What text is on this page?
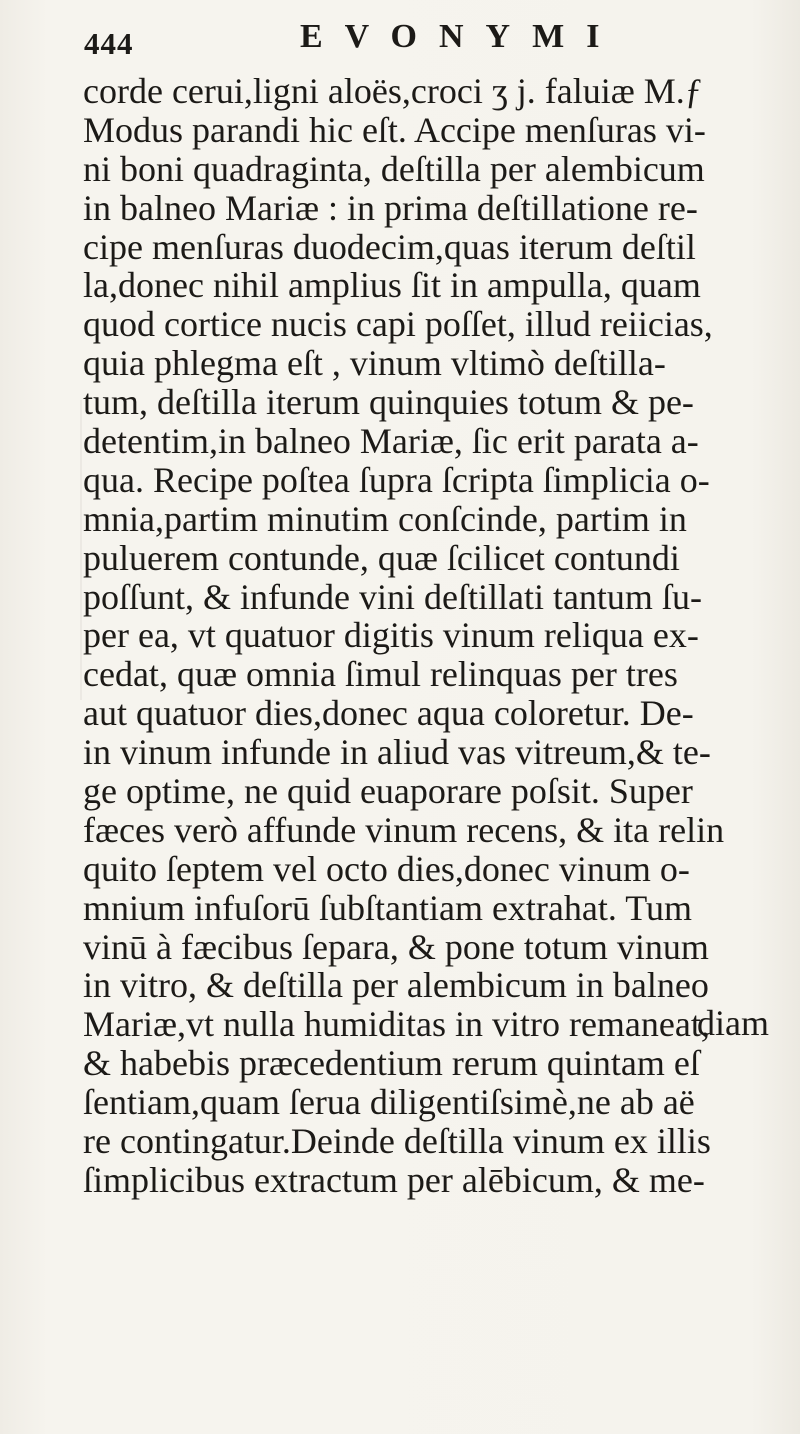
444	EVONYMI
corde cerui,ligni aloës,croci ʒ j. faluiæ M.ƒ
Modus parandi hic eſt. Accipe menſuras vi-
ni boni quadraginta, deſtilla per alembicum
in balneo Mariæ : in prima deſtillatione re-
cipe menſuras duodecim,quas iterum deſtil
la,donec nihil amplius ſit in ampulla, quam
quod cortice nucis capi poſſet, illud reiicias,
quia phlegma eſt , vinum vltimò deſtilla-
tum, deſtilla iterum quinquies totum & pe-
detentim,in balneo Mariæ, ſic erit parata a-
qua. Recipe poſtea ſupra ſcripta ſimplicia o-
mnia,partim minutim conſcinde, partim in
puluerem contunde, quæ ſcilicet contundi
poſſunt, & infunde vini deſtillati tantum ſu-
per ea, vt quatuor digitis vinum reliqua ex-
cedat, quæ omnia ſimul relinquas per tres
aut quatuor dies,donec aqua coloretur. De-
in vinum infunde in aliud vas vitreum,& te-
ge optime, ne quid euaporare poſsit. Super
fæces verò affunde vinum recens, & ita relin
quito ſeptem vel octo dies,donec vinum o-
mnium infuſorū ſubſtantiam extrahat. Tum
vinū à fæcibus ſepara, & pone totum vinum
in vitro, & deſtilla per alembicum in balneo
Mariæ,vt nulla humiditas in vitro remaneat,
& habebis præcedentium rerum quintam eſ
ſentiam,quam ſerua diligentiſsimè,ne ab aë
re contingatur.Deinde deſtilla vinum ex illis
ſimplicibus extractum per alēbicum, & me-
diam
